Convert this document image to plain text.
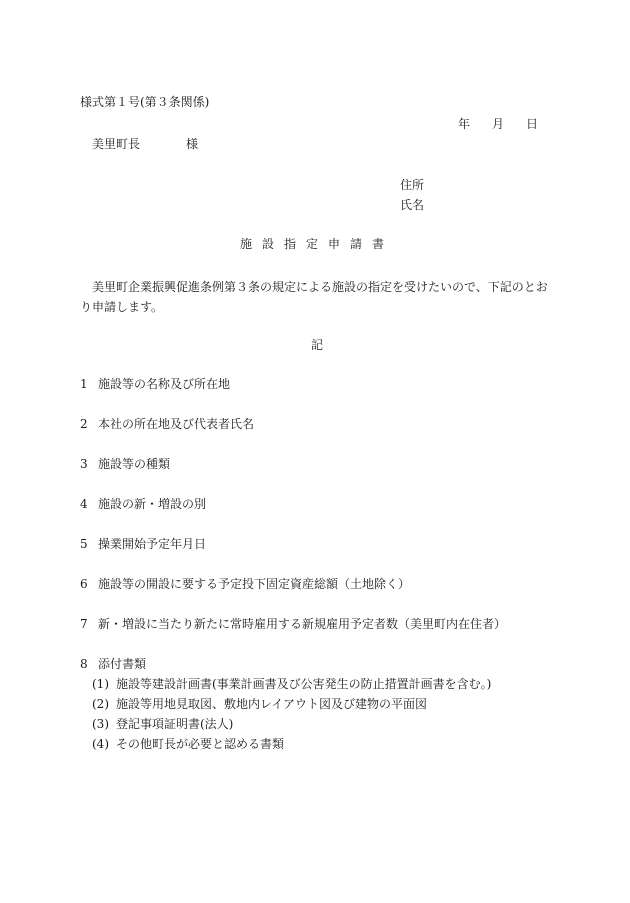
様式第１号(第３条関係)
年 月 日
美里町長	様
住所
氏名
施設指定申請書
美里町企業振興促進条例第３条の規定による施設の指定を受けたいので、下記のとおり申請します。
記
1 施設等の名称及び所在地
2 本社の所在地及び代表者氏名
3 施設等の種類
4 施設の新・増設の別
5 操業開始予定年月日
6 施設等の開設に要する予定投下固定資産総額（土地除く）
7 新・増設に当たり新たに常時雇用する新規雇用予定者数（美里町内在住者）
8 添付書類
(1) 施設等建設計画書(事業計画書及び公害発生の防止措置計画書を含む。)
(2) 施設等用地見取図、敷地内レイアウト図及び建物の平面図
(3) 登記事項証明書(法人)
(4) その他町長が必要と認める書類
